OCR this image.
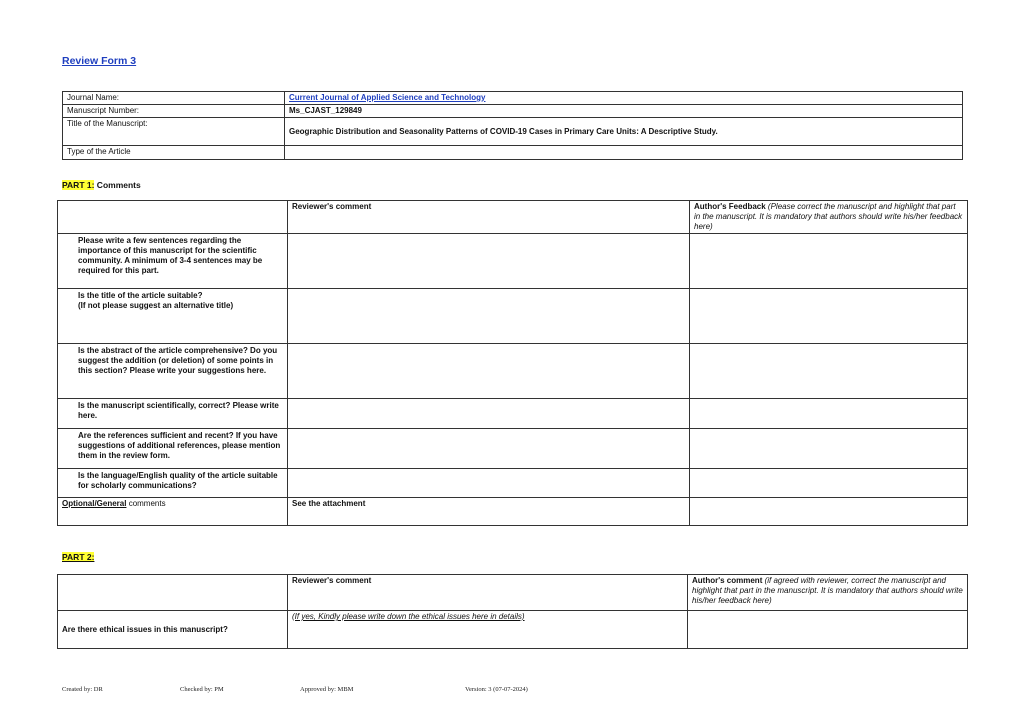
Review Form 3
Journal Name:	Current Journal of Applied Science and Technology
Manuscript Number:	Ms_CJAST_129849
Title of the Manuscript:	Geographic Distribution and Seasonality Patterns of COVID-19 Cases in Primary Care Units: A Descriptive Study.
Type of the Article	
PART 1: Comments
	Reviewer's comment	Author's Feedback (Please correct the manuscript and highlight that part in the manuscript. It is mandatory that authors should write his/her feedback here)
Please write a few sentences regarding the importance of this manuscript for the scientific community. A minimum of 3-4 sentences may be required for this part.		
Is the title of the article suitable?
(If not please suggest an alternative title)		
Is the abstract of the article comprehensive? Do you suggest the addition (or deletion) of some points in this section? Please write your suggestions here.		
Is the manuscript scientifically, correct? Please write here.		
Are the references sufficient and recent? If you have suggestions of additional references, please mention them in the review form.		
Is the language/English quality of the article suitable for scholarly communications?		
Optional/General comments	See the attachment	
PART 2:
	Reviewer's comment	Author's comment (if agreed with reviewer, correct the manuscript and highlight that part in the manuscript. It is mandatory that authors should write his/her feedback here)
Are there ethical issues in this manuscript?	(If yes, Kindly please write down the ethical issues here in details)	
Created by: DR	Checked by: PM	Approved by: MBM	Version: 3 (07-07-2024)
